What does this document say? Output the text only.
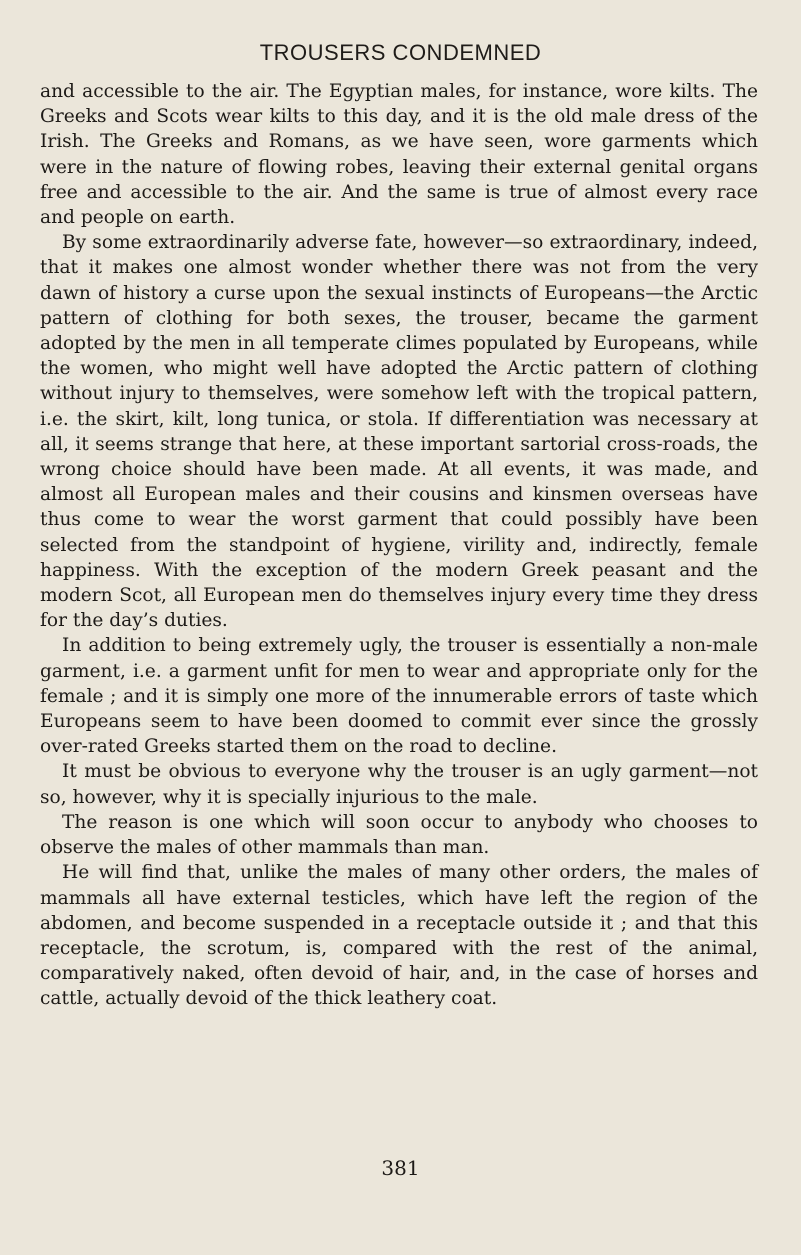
TROUSERS CONDEMNED

and accessible to the air. The Egyptian males, for instance, wore kilts. The Greeks and Scots wear kilts to this day, and it is the old male dress of the Irish. The Greeks and Romans, as we have seen, wore garments which were in the nature of flowing robes, leaving their external genital organs free and accessible to the air. And the same is true of almost every race and people on earth.

By some extraordinarily adverse fate, however—so extraordinary, indeed, that it makes one almost wonder whether there was not from the very dawn of history a curse upon the sexual instincts of Europeans—the Arctic pattern of clothing for both sexes, the trouser, became the garment adopted by the men in all temperate climes populated by Europeans, while the women, who might well have adopted the Arctic pattern of clothing without injury to themselves, were somehow left with the tropical pattern, i.e. the skirt, kilt, long tunica, or stola. If differentiation was necessary at all, it seems strange that here, at these important sartorial cross-roads, the wrong choice should have been made. At all events, it was made, and almost all European males and their cousins and kinsmen overseas have thus come to wear the worst garment that could possibly have been selected from the standpoint of hygiene, virility and, indirectly, female happiness. With the exception of the modern Greek peasant and the modern Scot, all European men do themselves injury every time they dress for the day’s duties.

In addition to being extremely ugly, the trouser is essentially a non-male garment, i.e. a garment unfit for men to wear and appropriate only for the female ; and it is simply one more of the innumerable errors of taste which Europeans seem to have been doomed to commit ever since the grossly over-rated Greeks started them on the road to decline.

It must be obvious to everyone why the trouser is an ugly garment—not so, however, why it is specially injurious to the male.

The reason is one which will soon occur to anybody who chooses to observe the males of other mammals than man.

He will find that, unlike the males of many other orders, the males of mammals all have external testicles, which have left the region of the abdomen, and become suspended in a receptacle outside it ; and that this receptacle, the scrotum, is, compared with the rest of the animal, comparatively naked, often devoid of hair, and, in the case of horses and cattle, actually devoid of the thick leathery coat.

381
